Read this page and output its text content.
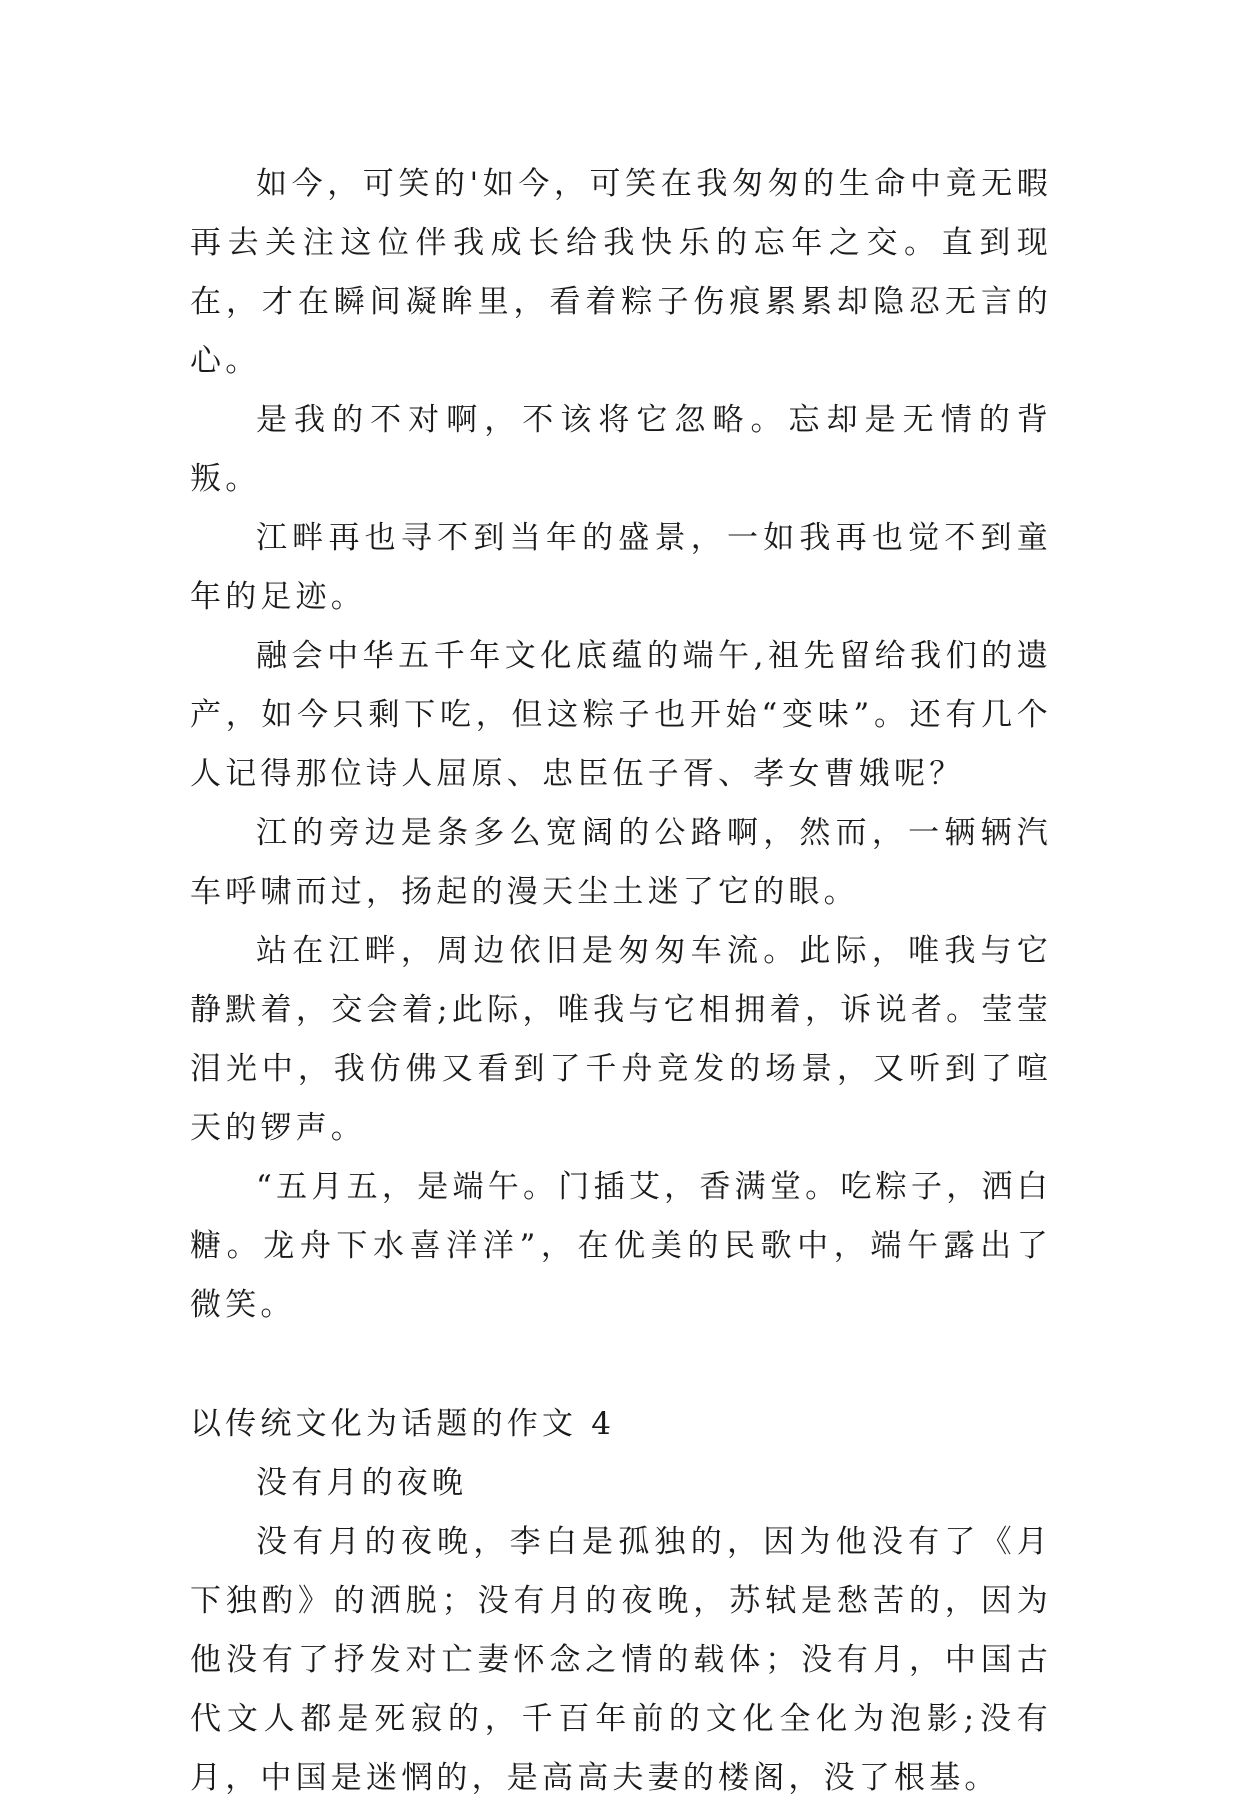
如今，可笑的'如今，可笑在我匆匆的生命中竟无暇再去关注这位伴我成长给我快乐的忘年之交。直到现在，才在瞬间凝眸里，看着粽子伤痕累累却隐忍无言的心。

是我的不对啊，不该将它忽略。忘却是无情的背叛。

江畔再也寻不到当年的盛景，一如我再也觉不到童年的足迹。

融会中华五千年文化底蕴的端午,祖先留给我们的遗产，如今只剩下吃，但这粽子也开始“变味”。还有几个人记得那位诗人屈原、忠臣伍子胥、孝女曹娥呢？

江的旁边是条多么宽阔的公路啊，然而，一辆辆汽车呼啸而过，扬起的漫天尘土迷了它的眼。

站在江畔，周边依旧是匆匆车流。此际，唯我与它静默着，交会着;此际，唯我与它相拥着，诉说者。莹莹泪光中，我仿佛又看到了千舟竞发的场景，又听到了喧天的锣声。

“五月五，是端午。门插艾，香满堂。吃粽子，洒白糖。龙舟下水喜洋洋”，在优美的民歌中，端午露出了微笑。

以传统文化为话题的作文 4

没有月的夜晚

没有月的夜晚，李白是孤独的，因为他没有了《月下独酌》的洒脱；没有月的夜晚，苏轼是愁苦的，因为他没有了抒发对亡妻怀念之情的载体；没有月，中国古代文人都是死寂的，千百年前的文化全化为泡影;没有月，中国是迷惘的，是高高夫妻的楼阁，没了根基。
